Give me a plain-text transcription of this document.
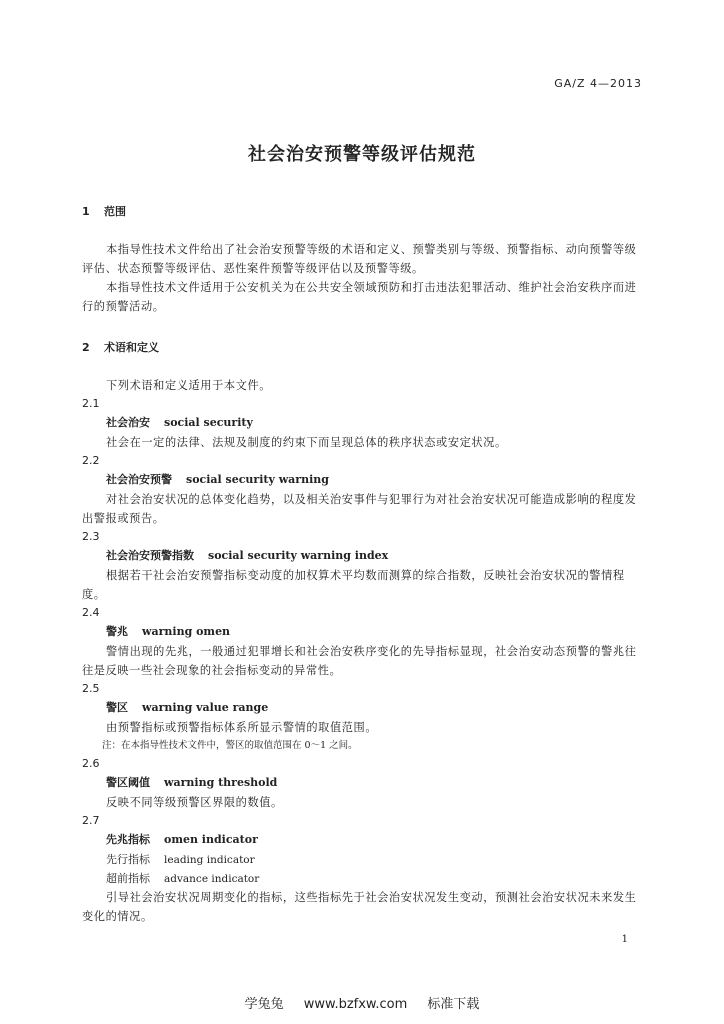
GA/Z 4—2013
社会治安预警等级评估规范
1 范围

本指导性技术文件给出了社会治安预警等级的术语和定义、预警类别与等级、预警指标、动向预警等级评估、状态预警等级评估、恶性案件预警等级评估以及预警等级。

本指导性技术文件适用于公安机关为在公共安全领域预防和打击违法犯罪活动、维护社会治安秩序而进行的预警活动。

2 术语和定义

下列术语和定义适用于本文件。

2.1

社会治安 social security

社会在一定的法律、法规及制度的约束下而呈现总体的秩序状态或安定状况。

2.2

社会治安预警 social security warning

对社会治安状况的总体变化趋势，以及相关治安事件与犯罪行为对社会治安状况可能造成影响的程度发出警报或预告。

2.3

社会治安预警指数 social security warning index

根据若干社会治安预警指标变动度的加权算术平均数而测算的综合指数，反映社会治安状况的警情程度。

2.4

警兆 warning omen

警情出现的先兆，一般通过犯罪增长和社会治安秩序变化的先导指标显现，社会治安动态预警的警兆往往是反映一些社会现象的社会指标变动的异常性。

2.5

警区 warning value range

由预警指标或预警指标体系所显示警情的取值范围。

注：在本指导性技术文件中，警区的取值范围在 0～1 之间。

2.6

警区阈值 warning threshold

反映不同等级预警区界限的数值。

2.7

先兆指标 omen indicator

先行指标 leading indicator

超前指标 advance indicator

引导社会治安状况周期变化的指标，这些指标先于社会治安状况发生变动，预测社会治安状况未来发生变化的情况。

1
学兔兔 www.bzfxw.com 标准下载
